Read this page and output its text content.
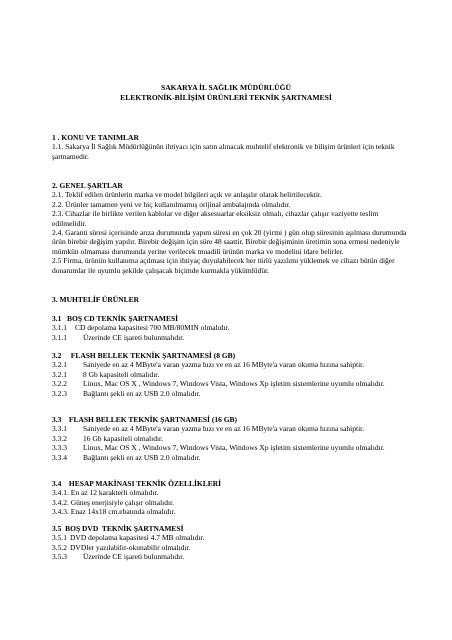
SAKARYA İL SAĞLIK MÜDÜRLÜĞÜ
ELEKTRONİK-BİLİŞİM ÜRÜNLERİ TEKNİK ŞARTNAMESİ

1 . KONU VE TANIMLAR

1.1. Sakarya İl Sağlık Müdürlüğünün ihtiyacı için satın alınacak muhtelif elektronik ve bilişim ürünleri için teknik şartnamedir.

2. GENEL ŞARTLAR

2.1. Teklif edilen ürünlerin marka ve model bilgileri açık ve anlaşılır olarak belirtilecektir.

2.2. Ürünler tamamen yeni ve hiç kullanılmamış orijinal ambalajında olmalıdır.

2.3. Cihazlar ile birlikte verilen kablolar ve diğer aksesuarlar eksiksiz olmalı, cihazlar çalışır vaziyette teslim edilmelidir.

2.4. Garanti süresi içerisinde arıza durumunda yapım süresi en çok 20 (yirmi ) gün olup süresinin aşılması durumunda ürün birebir değişim yapılır. Birebir değişim için süre 48 saattir. Birebir değişiminin üretimin sona ermesi nedeniyle mümkün olmaması durumunda yerine verilecek muadili ürünün marka ve modelini idare belirler.

2.5 Firma, ürünün kullanıma açılması için ihtiyaç duyulabilecek her türlü yazılımı yüklemek ve cihazı bütün diğer donanımlar ile uyumlu şekilde çalışacak biçimde kurmakla yükümlüdür.

3. MUHTELİF ÜRÜNLER

3.1   BOŞ CD TEKNİK ŞARTNAMESİ

3.1.1	CD depolama kapasitesi 700 MB/80MIN olmalıdır.
3.1.1	Üzerinde CE işareti bulunmalıdır.

3.2     FLASH BELLEK TEKNİK ŞARTNAMESİ (8 GB)

3.2.1	Saniyede en az 4 MByte'a varan yazma hızı ve en az 16 MByte'a varan okuma hızına sahiptir.
3.2.1	8 Gb kapasiteli olmalıdır.
3.2.2	Linux, Mac OS X , Windows 7, Windows Vista, Windows Xp işletim sistemlerine uyumlu olmalıdır.
3.2.3	Bağlantı şekli en az USB 2.0 olmalıdır.

3.3    FLASH BELLEK TEKNİK ŞARTNAMESİ (16 GB)

3.3.1	Saniyede en az 4 MByte'a varan yazma hızı ve en az 16 MByte'a varan okuma hızına sahiptir.
3.3.2	16 Gb kapasiteli olmalıdır.
3.3.3	Linux, Mac OS X , Windows 7, Windows Vista, Windows Xp işletim sistemlerine uyumlu olmalıdır.
3.3.4	Bağlantı şekli en az USB 2.0 olmalıdır.

3.4    HESAP MAKİNASI TEKNİK ÖZELLİKLERİ

3.4.1. En az 12 karakterli olmalıdır.

3.4.2. Güneş enerjisiyle çalışır olmalıdır.

3.4.3. Enaz 14x18 cm.ebatında olmalıdır.

3.5  BOŞ DVD  TEKNİK ŞARTNAMESİ

3.5.1 DVD depolama kapasitesi 4.7 MB olmalıdır.
3.5.2 DVDler yazılabilir-okunabilir olmalıdır.
3.5.3	Üzerinde CE işareti bulunmalıdır.
